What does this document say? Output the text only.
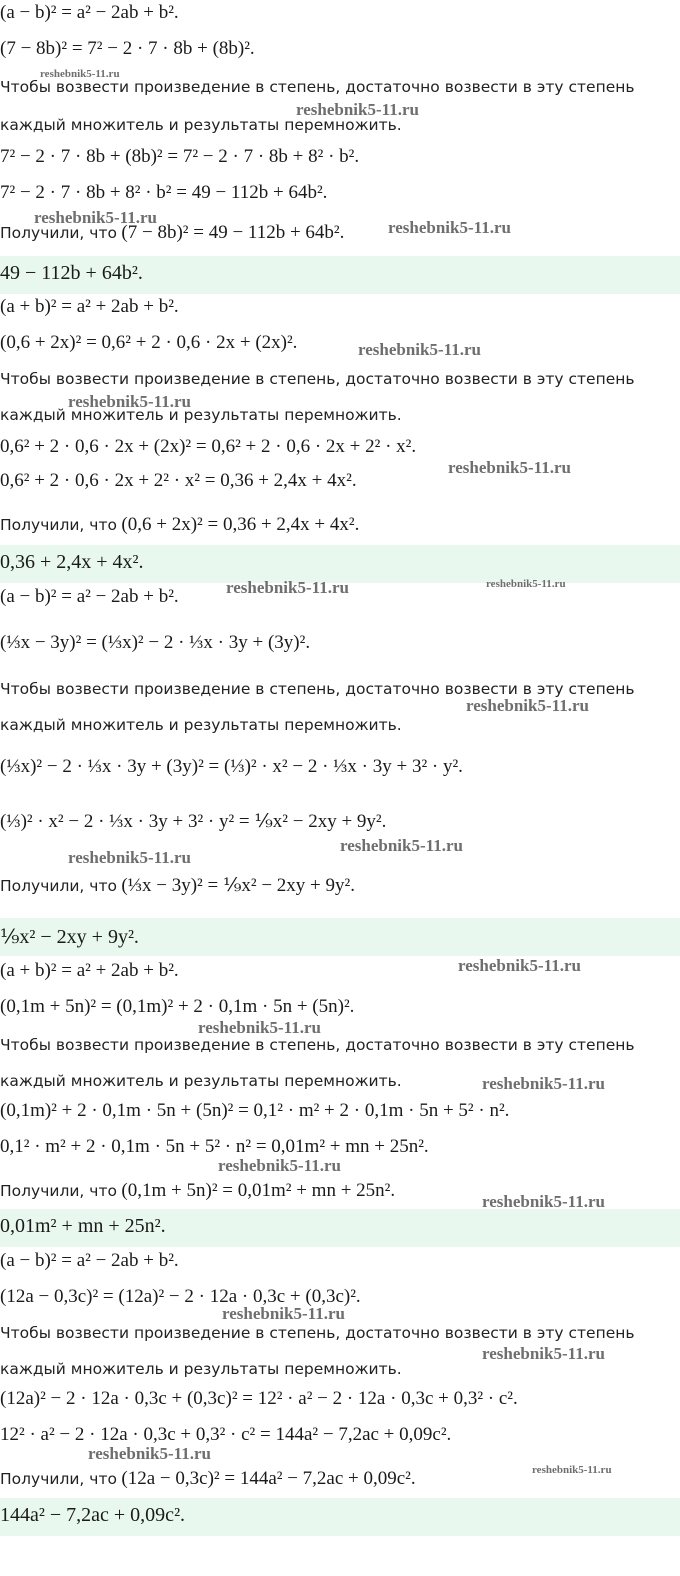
(a − b)² = a² − 2ab + b².
(7 − 8b)² = 7² − 2 · 7 · 8b + (8b)².
Чтобы возвести произведение в степень, достаточно возвести в эту степень
каждый множитель и результаты перемножить.
7² − 2 · 7 · 8b + (8b)² = 7² − 2 · 7 · 8b + 8² · b².
7² − 2 · 7 · 8b + 8² · b² = 49 − 112b + 64b².
Получили, что (7 − 8b)² = 49 − 112b + 64b².
49 − 112b + 64b².
(a + b)² = a² + 2ab + b².
(0,6 + 2x)² = 0,6² + 2 · 0,6 · 2x + (2x)².
Чтобы возвести произведение в степень, достаточно возвести в эту степень
каждый множитель и результаты перемножить.
0,6² + 2 · 0,6 · 2x + (2x)² = 0,6² + 2 · 0,6 · 2x + 2² · x².
0,6² + 2 · 0,6 · 2x + 2² · x² = 0,36 + 2,4x + 4x².
Получили, что (0,6 + 2x)² = 0,36 + 2,4x + 4x².
0,36 + 2,4x + 4x².
(a − b)² = a² − 2ab + b².
(⅓x − 3y)² = (⅓x)² − 2 · ⅓x · 3y + (3y)².
Чтобы возвести произведение в степень, достаточно возвести в эту степень
каждый множитель и результаты перемножить.
(⅓x)² − 2 · ⅓x · 3y + (3y)² = (⅓)² · x² − 2 · ⅓x · 3y + 3² · y².
(⅓)² · x² − 2 · ⅓x · 3y + 3² · y² = ⅑x² − 2xy + 9y².
Получили, что (⅓x − 3y)² = ⅑x² − 2xy + 9y².
⅑x² − 2xy + 9y².
(a + b)² = a² + 2ab + b².
(0,1m + 5n)² = (0,1m)² + 2 · 0,1m · 5n + (5n)².
Чтобы возвести произведение в степень, достаточно возвести в эту степень
каждый множитель и результаты перемножить.
(0,1m)² + 2 · 0,1m · 5n + (5n)² = 0,1² · m² + 2 · 0,1m · 5n + 5² · n².
0,1² · m² + 2 · 0,1m · 5n + 5² · n² = 0,01m² + mn + 25n².
Получили, что (0,1m + 5n)² = 0,01m² + mn + 25n².
0,01m² + mn + 25n².
(a − b)² = a² − 2ab + b².
(12a − 0,3c)² = (12a)² − 2 · 12a · 0,3c + (0,3c)².
Чтобы возвести произведение в степень, достаточно возвести в эту степень
каждый множитель и результаты перемножить.
(12a)² − 2 · 12a · 0,3c + (0,3c)² = 12² · a² − 2 · 12a · 0,3c + 0,3² · c².
12² · a² − 2 · 12a · 0,3c + 0,3² · c² = 144a² − 7,2ac + 0,09c².
Получили, что (12a − 0,3c)² = 144a² − 7,2ac + 0,09c².
144a² − 7,2ac + 0,09c².
reshebnik5-11.ru
reshebnik5-11.ru
reshebnik5-11.ru
reshebnik5-11.ru
reshebnik5-11.ru
reshebnik5-11.ru
reshebnik5-11.ru
reshebnik5-11.ru	reshebnik5-11.ru
reshebnik5-11.ru
reshebnik5-11.ru
reshebnik5-11.ru
reshebnik5-11.ru
reshebnik5-11.ru
reshebnik5-11.ru
reshebnik5-11.ru
reshebnik5-11.ru
reshebnik5-11.ru
reshebnik5-11.ru
reshebnik5-11.ru
reshebnik5-11.ru
